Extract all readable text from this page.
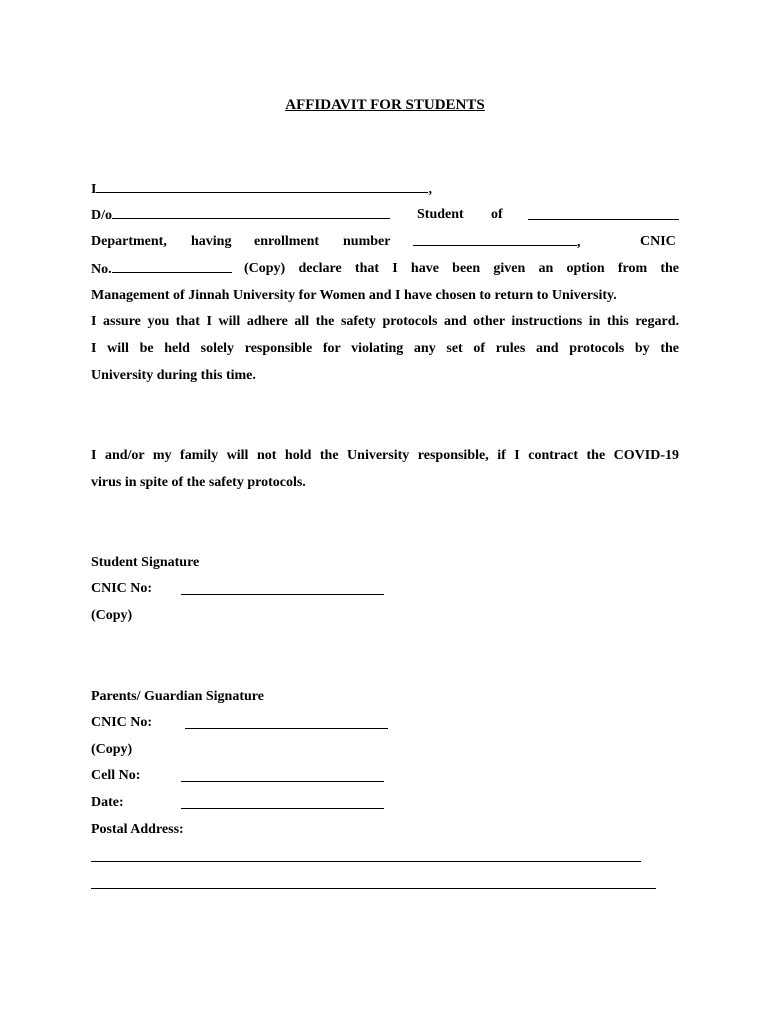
AFFIDAVIT FOR STUDENTS
I	,
D/o	Student of
Department, having enrollment number	,	CNIC
No.	(Copy) declare that I have been given an option from the
Management of Jinnah University for Women and I have chosen to return to University.
I assure you that I will adhere all the safety protocols and other instructions in this regard.
I will be held solely responsible for violating any set of rules and protocols by the
University during this time.
I and/or my family will not hold the University responsible, if I contract the COVID-19
virus in spite of the safety protocols.
Student Signature
CNIC No:
(Copy)
Parents/ Guardian Signature
CNIC No:
(Copy)
Cell No:
Date:
Postal Address:
